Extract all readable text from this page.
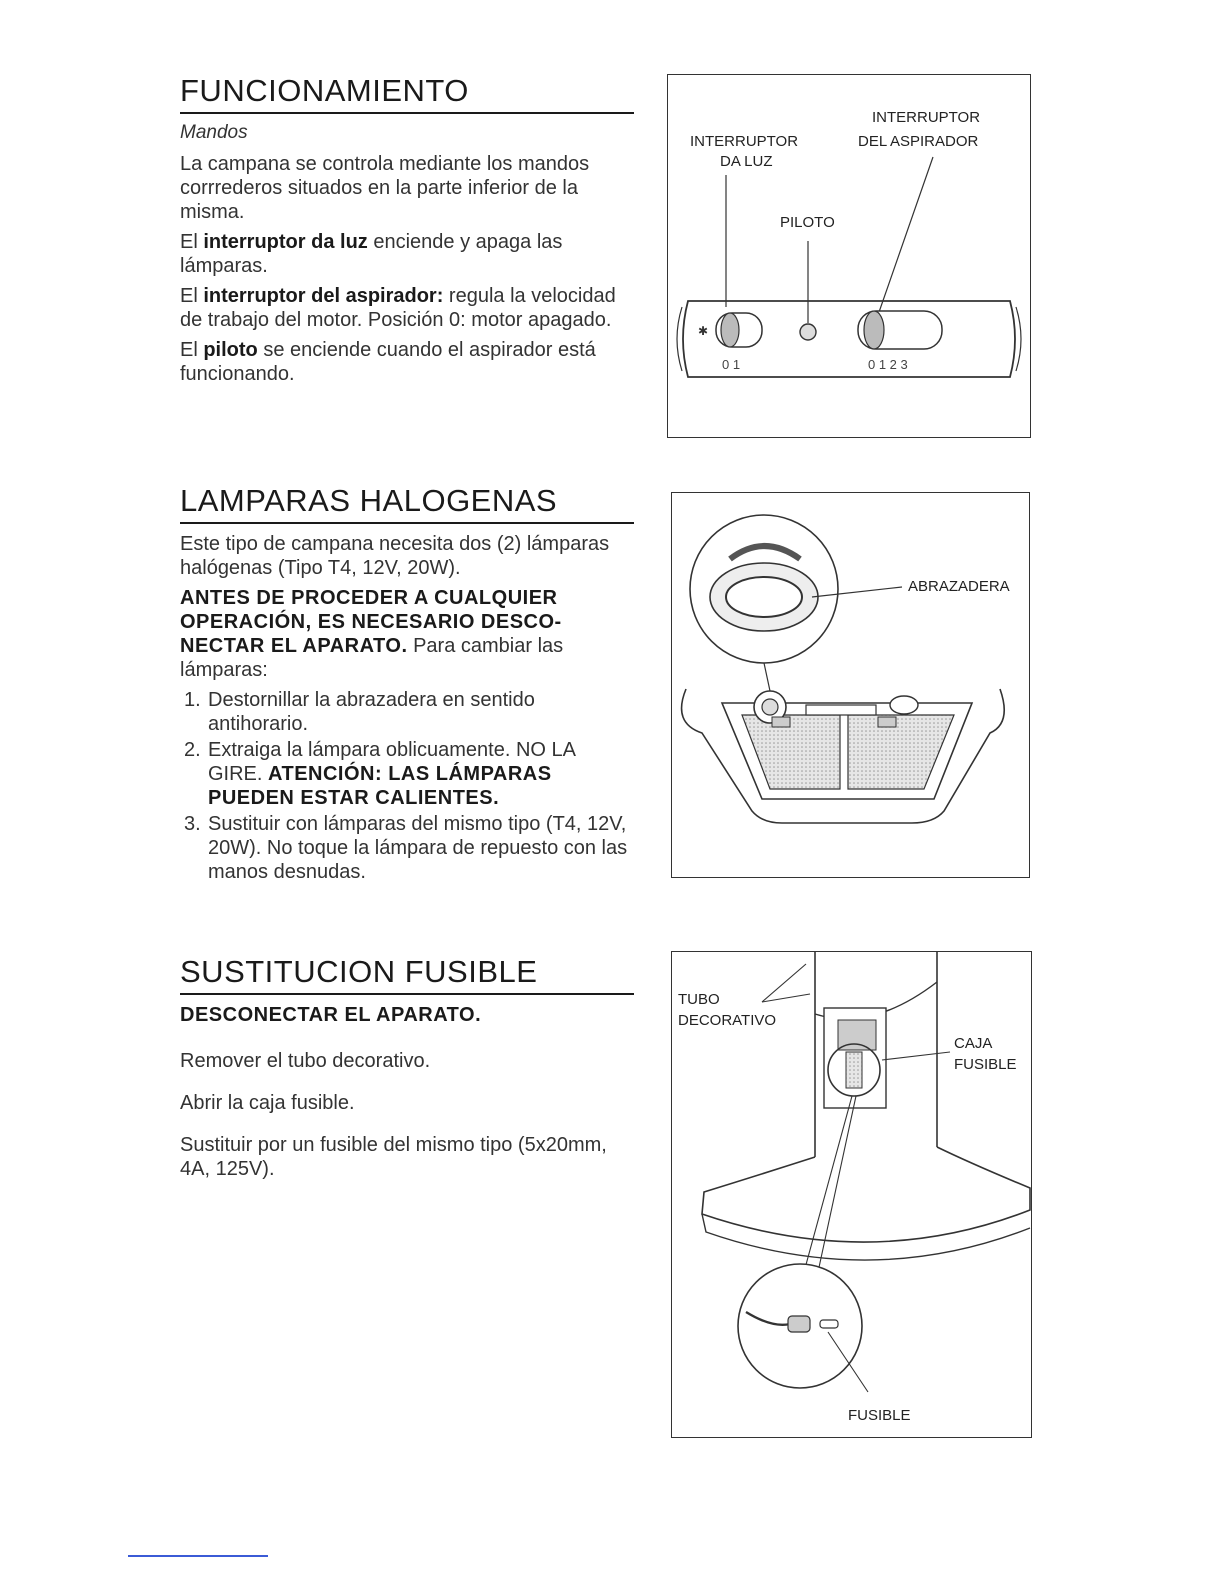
FUNCIONAMIENTO
Mandos

La campana se controla mediante los mandos corrrederos situados en la parte inferior de la misma.

El interruptor da luz enciende y apaga las lámparas.

El interruptor del aspirador: regula la velocidad de trabajo del motor. Posición 0: motor apagado.

El piloto se enciende cuando el aspirador está funcionando.

INTERRUPTOR
DA LUZ
INTERRUPTOR
DEL ASPIRADOR
PILOTO
✱
0 1	0 1 2 3
LAMPARAS HALOGENAS

Este tipo de campana necesita dos (2) lámparas halógenas (Tipo T4, 12V, 20W).

ANTES DE PROCEDER A CUALQUIER OPERACIÓN, ES NECESARIO DESCO-NECTAR EL APARATO. Para cambiar las lámparas:

1. Destornillar la abrazadera en sentido antihorario.
2. Extraiga la lámpara oblicuamente. NO LA GIRE. ATENCIÓN: LAS LÁMPARAS PUEDEN ESTAR CALIENTES.
3. Sustituir con lámparas del mismo tipo (T4, 12V, 20W). No toque la lámpara de repuesto con las manos desnudas.
ABRAZADERA
SUSTITUCION FUSIBLE

DESCONECTAR EL APARATO.

Remover el tubo decorativo.

Abrir la caja fusible.

Sustituir por un fusible del mismo tipo (5x20mm, 4A, 125V).

TUBO
DECORATIVO
CAJA
FUSIBLE
FUSIBLE
